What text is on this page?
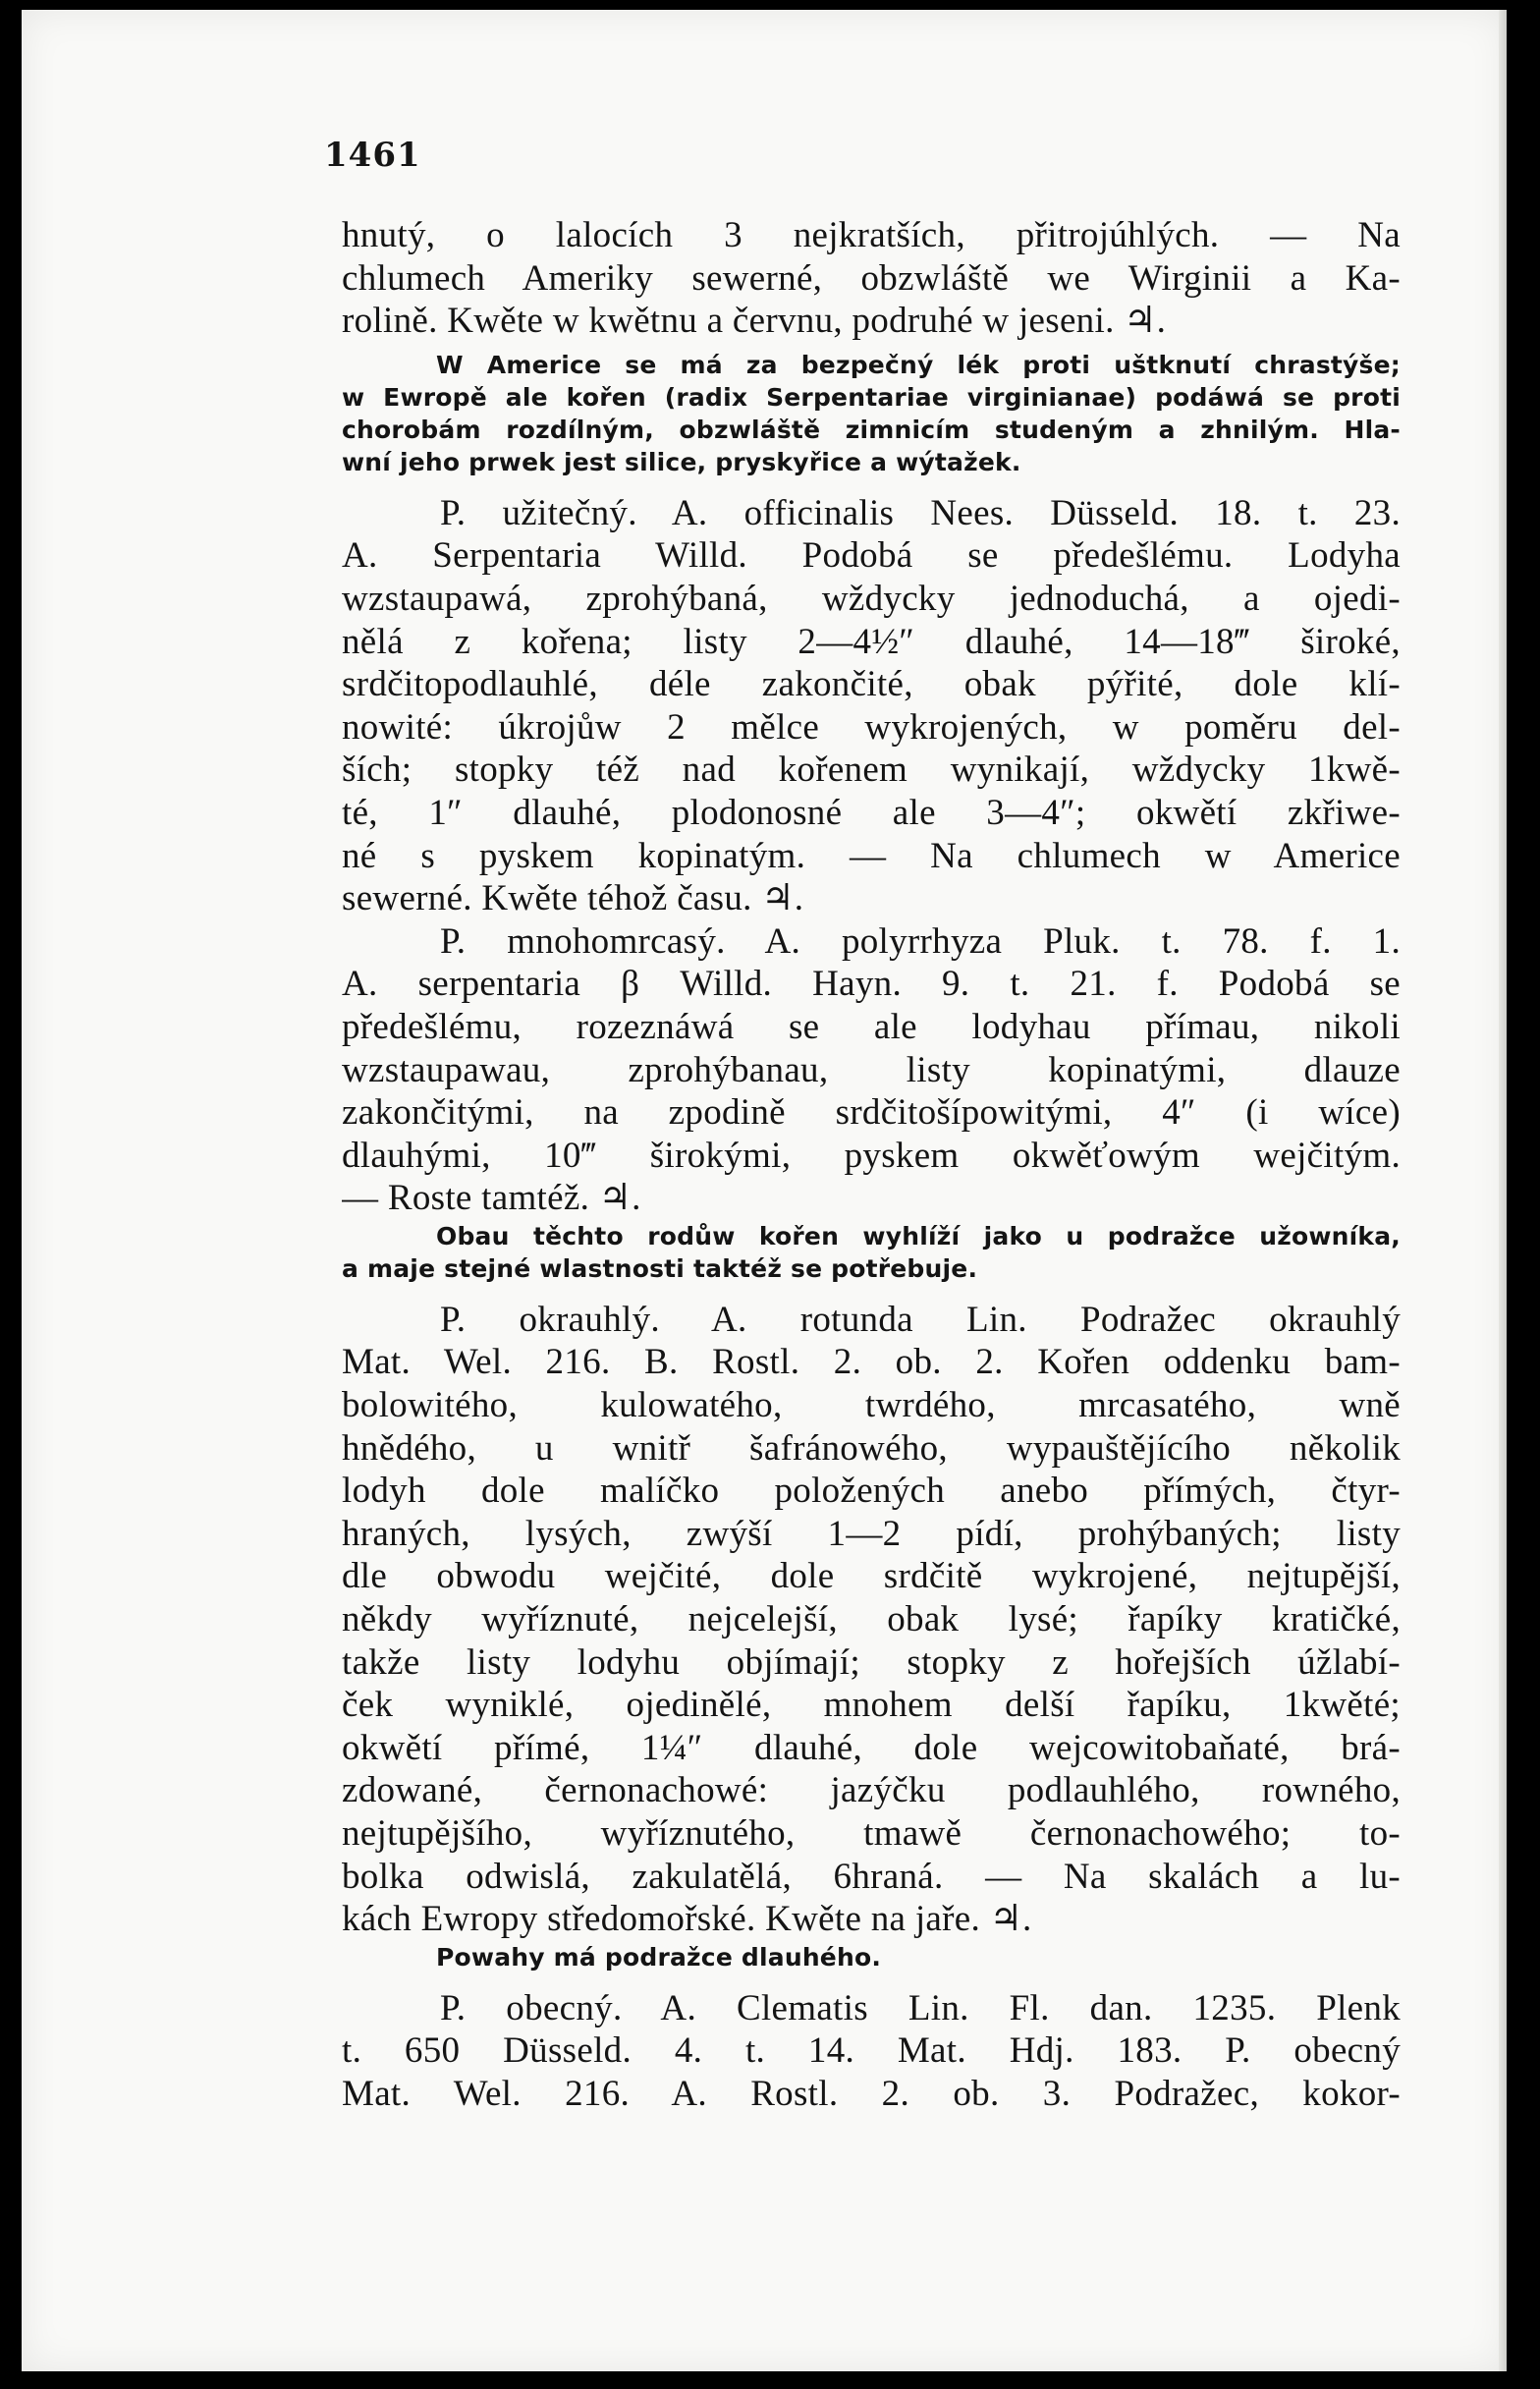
1461
hnutý, o lalocích 3 nejkratších, přitrojúhlých. — Na
chlumech Ameriky sewerné, obzwláště we Wirginii a Ka-
rolině. Kwěte w kwětnu a červnu, podruhé w jeseni. ♃.
W Americe se má za bezpečný lék proti uštknutí chrastýše;
w Ewropě ale kořen (radix Serpentariae virginianae) podáwá se proti
chorobám rozdílným, obzwláště zimnicím studeným a zhnilým. Hla-
wní jeho prwek jest silice, pryskyřice a wýtažek.
P. užitečný. A. officinalis Nees. Düsseld. 18. t. 23.
A. Serpentaria Willd. Podobá se předešlému. Lodyha
wzstaupawá, zprohýbaná, wždycky jednoduchá, a ojedi-
nělá z kořena; listy 2—4½″ dlauhé, 14—18‴ široké,
srdčitopodlauhlé, déle zakončité, obak pýřité, dole klí-
nowité: úkrojůw 2 mělce wykrojených, w poměru del-
ších; stopky též nad kořenem wynikají, wždycky 1kwě-
té, 1″ dlauhé, plodonosné ale 3—4″; okwětí zkřiwe-
né s pyskem kopinatým. — Na chlumech w Americe
sewerné. Kwěte téhož času. ♃.
P. mnohomrcasý. A. polyrrhyza Pluk. t. 78. f. 1.
A. serpentaria β Willd. Hayn. 9. t. 21. f. Podobá se
předešlému, rozeznáwá se ale lodyhau přímau, nikoli
wzstaupawau, zprohýbanau, listy kopinatými, dlauze
zakončitými, na zpodině srdčitošípowitými, 4″ (i wíce)
dlauhými, 10‴ širokými, pyskem okwěťowým wejčitým.
— Roste tamtéž. ♃.
Obau těchto rodůw kořen wyhlíží jako u podražce užowníka,
a maje stejné wlastnosti taktéž se potřebuje.
P. okrauhlý. A. rotunda Lin. Podražec okrauhlý
Mat. Wel. 216. B. Rostl. 2. ob. 2. Kořen oddenku bam-
bolowitého, kulowatého, twrdého, mrcasatého, wně
hnědého, u wnitř šafránowého, wypauštějícího několik
lodyh dole malíčko položených anebo přímých, čtyr-
hraných, lysých, zwýší 1—2 pídí, prohýbaných; listy
dle obwodu wejčité, dole srdčitě wykrojené, nejtupější,
někdy wyříznuté, nejcelejší, obak lysé; řapíky kratičké,
takže listy lodyhu objímají; stopky z hořejších úžlabí-
ček wyniklé, ojedinělé, mnohem delší řapíku, 1kwěté;
okwětí přímé, 1¼″ dlauhé, dole wejcowitobaňaté, brá-
zdowané, černonachowé: jazýčku podlauhlého, rowného,
nejtupějšího, wyříznutého, tmawě černonachowého; to-
bolka odwislá, zakulatělá, 6hraná. — Na skalách a lu-
kách Ewropy středomořské. Kwěte na jaře. ♃.
Powahy má podražce dlauhého.
P. obecný. A. Clematis Lin. Fl. dan. 1235. Plenk
t. 650 Düsseld. 4. t. 14. Mat. Hdj. 183. P. obecný
Mat. Wel. 216. A. Rostl. 2. ob. 3. Podražec, kokor-
